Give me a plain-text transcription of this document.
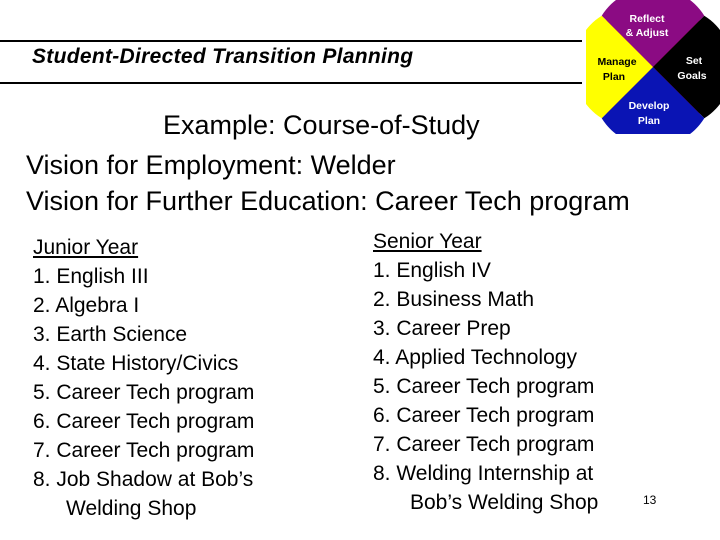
Student-Directed Transition Planning
Reflect
& Adjust
Set
Goals
Develop
Plan
Manage
Plan
Example: Course-of-Study
Vision for Employment: Welder
Vision for Further Education: Career Tech program
Junior Year
1. English III
2. Algebra I
3. Earth Science
4. State History/Civics
5. Career Tech program
6. Career Tech program
7. Career Tech program
8. Job Shadow at Bob’s
Welding Shop
Senior Year
1. English IV
2. Business Math
3. Career Prep
4. Applied Technology
5. Career Tech program
6. Career Tech program
7. Career Tech program
8. Welding Internship at
Bob’s Welding Shop	13
